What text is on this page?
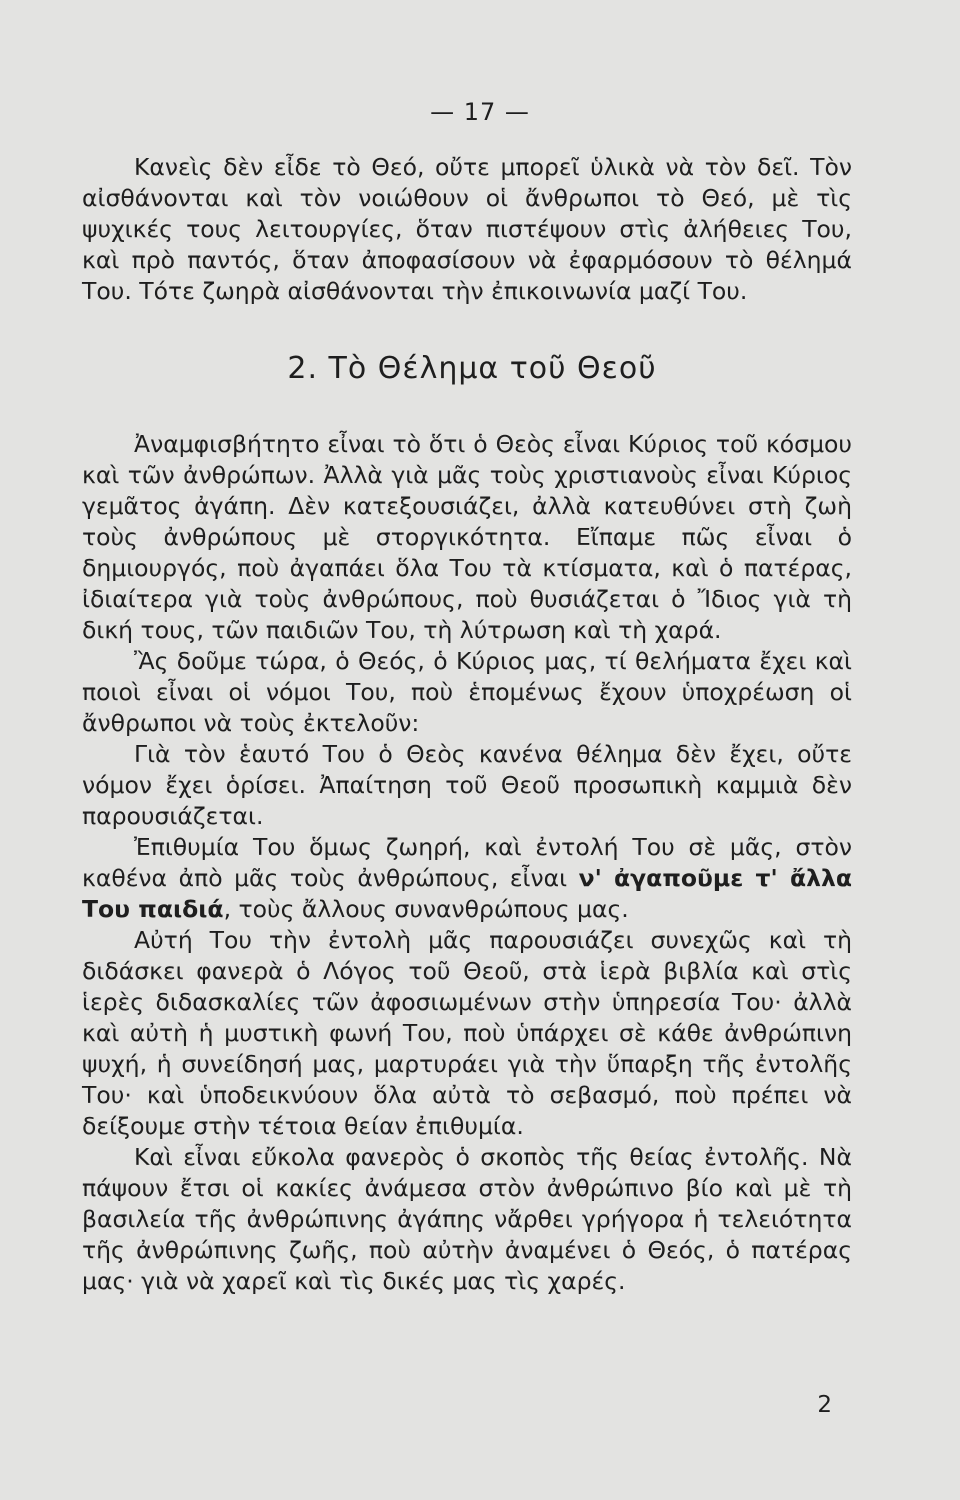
— 17 —

Κανεὶς δὲν εἶδε τὸ Θεό, οὔτε μπορεῖ ὑλικὰ νὰ τὸν δεῖ. Τὸν αἰσθάνονται καὶ τὸν νοιώθουν οἱ ἄνθρωποι τὸ Θεό, μὲ τὶς ψυχικές τους λειτουργίες, ὅταν πιστέψουν στὶς ἀλήθειες Του, καὶ πρὸ παντός, ὅταν ἀποφασίσουν νὰ ἐφαρμόσουν τὸ θέλημά Του. Τότε ζωηρὰ αἰσθάνονται τὴν ἐπικοινωνία μαζί Του.

2. Τὸ Θέλημα τοῦ Θεοῦ

Ἀναμφισβήτητο εἶναι τὸ ὅτι ὁ Θεὸς εἶναι Κύριος τοῦ κόσμου καὶ τῶν ἀνθρώπων. Ἀλλὰ γιὰ μᾶς τοὺς χριστιανοὺς εἶναι Κύριος γεμᾶτος ἀγάπη. Δὲν κατεξουσιάζει, ἀλλὰ κατευθύνει στὴ ζωὴ τοὺς ἀνθρώπους μὲ στοργικότητα. Εἴπαμε πῶς εἶναι ὁ δημιουργός, ποὺ ἀγαπάει ὅλα Του τὰ κτίσματα, καὶ ὁ πατέρας, ἰδιαίτερα γιὰ τοὺς ἀνθρώπους, ποὺ θυσιάζεται ὁ Ἴδιος γιὰ τὴ δική τους, τῶν παιδιῶν Του, τὴ λύτρωση καὶ τὴ χαρά.

Ἂς δοῦμε τώρα, ὁ Θεός, ὁ Κύριος μας, τί θελήματα ἔχει καὶ ποιοὶ εἶναι οἱ νόμοι Του, ποὺ ἑπομένως ἔχουν ὑποχρέωση οἱ ἄνθρωποι νὰ τοὺς ἐκτελοῦν:

Γιὰ τὸν ἑαυτό Του ὁ Θεὸς κανένα θέλημα δὲν ἔχει, οὔτε νόμον ἔχει ὁρίσει. Ἀπαίτηση τοῦ Θεοῦ προσωπικὴ καμμιὰ δὲν παρουσιάζεται.

Ἐπιθυμία Του ὅμως ζωηρή, καὶ ἐντολή Του σὲ μᾶς, στὸν καθένα ἀπὸ μᾶς τοὺς ἀνθρώπους, εἶναι ν' ἀγαποῦμε τ' ἄλλα Του παιδιά, τοὺς ἄλλους συνανθρώπους μας.

Αὐτή Του τὴν ἐντολὴ μᾶς παρουσιάζει συνεχῶς καὶ τὴ διδάσκει φανερὰ ὁ Λόγος τοῦ Θεοῦ, στὰ ἱερὰ βιβλία καὶ στὶς ἱερὲς διδασκαλίες τῶν ἀφοσιωμένων στὴν ὑπηρεσία Του· ἀλλὰ καὶ αὐτὴ ἡ μυστικὴ φωνή Του, ποὺ ὑπάρχει σὲ κάθε ἀνθρώπινη ψυχή, ἡ συνείδησή μας, μαρτυράει γιὰ τὴν ὕπαρξη τῆς ἐντολῆς Του· καὶ ὑποδεικνύουν ὅλα αὐτὰ τὸ σεβασμό, ποὺ πρέπει νὰ δείξουμε στὴν τέτοια θείαν ἐπιθυμία.

Καὶ εἶναι εὔκολα φανερὸς ὁ σκοπὸς τῆς θείας ἐντολῆς. Νὰ πάψουν ἔτσι οἱ κακίες ἀνάμεσα στὸν ἀνθρώπινο βίο καὶ μὲ τὴ βασιλεία τῆς ἀνθρώπινης ἀγάπης νἄρθει γρήγορα ἡ τελειότητα τῆς ἀνθρώπινης ζωῆς, ποὺ αὐτὴν ἀναμένει ὁ Θεός, ὁ πατέρας μας· γιὰ νὰ χαρεῖ καὶ τὶς δικές μας τὶς χαρές.

2
